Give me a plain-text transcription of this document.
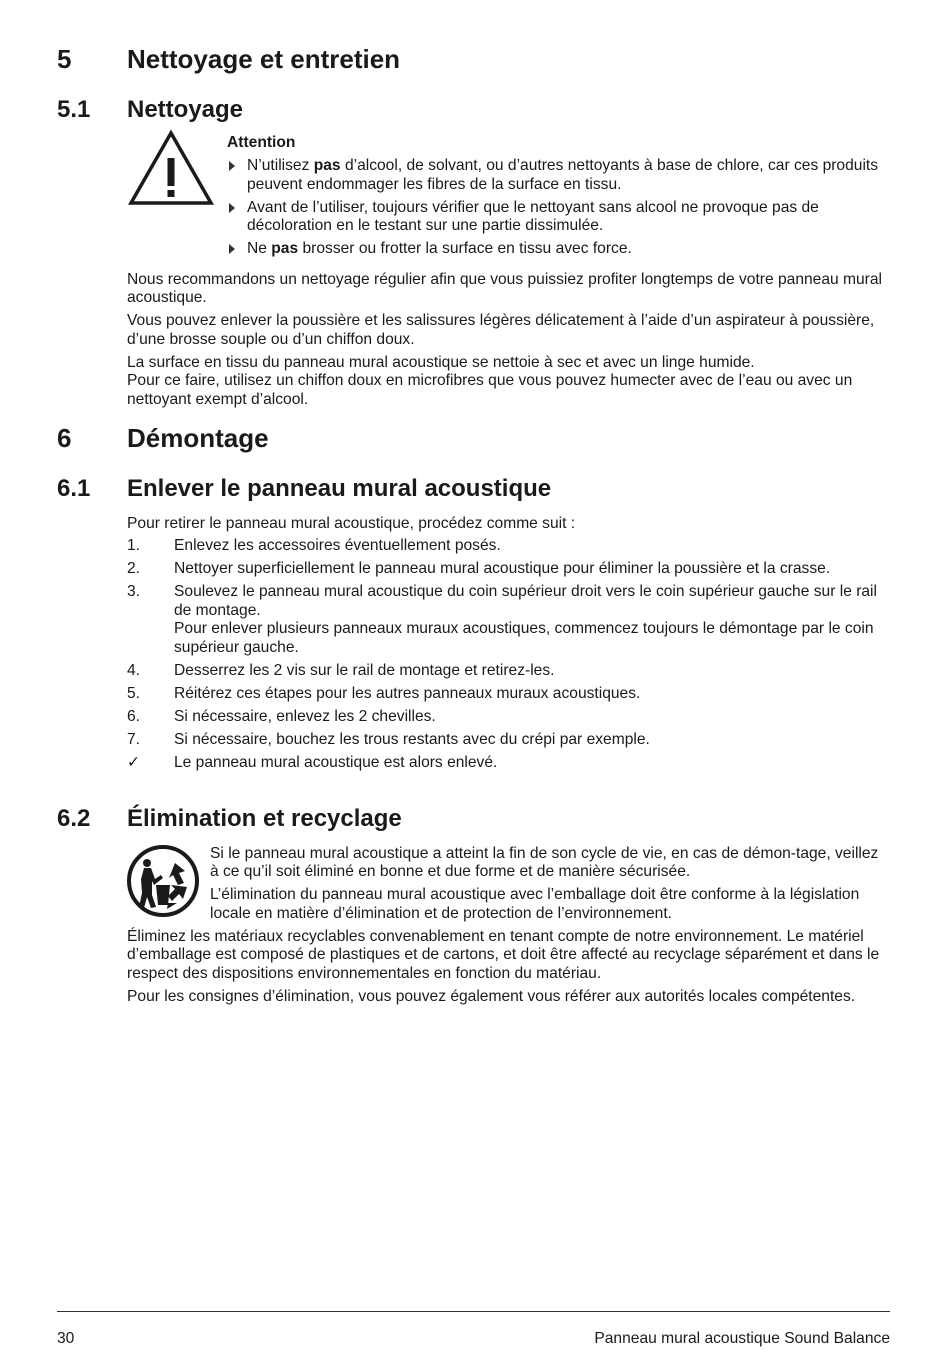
5 Nettoyage et entretien
5.1 Nettoyage
Attention
N’utilisez pas d’alcool, de solvant, ou d’autres nettoyants à base de chlore, car ces produits peuvent endommager les fibres de la surface en tissu.
Avant de l’utiliser, toujours vérifier que le nettoyant sans alcool ne provoque pas de décoloration en le testant sur une partie dissimulée.
Ne pas brosser ou frotter la surface en tissu avec force.

Nous recommandons un nettoyage régulier afin que vous puissiez profiter longtemps de votre panneau mural acoustique.

Vous pouvez enlever la poussière et les salissures légères délicatement à l’aide d’un aspirateur à poussière, d’une brosse souple ou d’un chiffon doux.

La surface en tissu du panneau mural acoustique se nettoie à sec et avec un linge humide.
Pour ce faire, utilisez un chiffon doux en microfibres que vous pouvez humecter avec de l’eau ou avec un nettoyant exempt d’alcool.

6 Démontage
6.1 Enlever le panneau mural acoustique
Pour retirer le panneau mural acoustique, procédez comme suit :
1. Enlevez les accessoires éventuellement posés.
2. Nettoyer superficiellement le panneau mural acoustique pour éliminer la poussière et la crasse.
3. Soulevez le panneau mural acoustique du coin supérieur droit vers le coin supérieur gauche sur le rail de montage.
Pour enlever plusieurs panneaux muraux acoustiques, commencez toujours le démontage par le coin supérieur gauche.
4. Desserrez les 2 vis sur le rail de montage et retirez-les.
5. Réitérez ces étapes pour les autres panneaux muraux acoustiques.
6. Si nécessaire, enlevez les 2 chevilles.
7. Si nécessaire, bouchez les trous restants avec du crépi par exemple.
✓ Le panneau mural acoustique est alors enlevé.
6.2 Élimination et recyclage

Si le panneau mural acoustique a atteint la fin de son cycle de vie, en cas de démon-tage, veillez à ce qu’il soit éliminé en bonne et due forme et de manière sécurisée.

L’élimination du panneau mural acoustique avec l’emballage doit être conforme à la législation locale en matière d’élimination et de protection de l’environnement.

Éliminez les matériaux recyclables convenablement en tenant compte de notre environnement. Le matériel d’emballage est composé de plastiques et de cartons, et doit être affecté au recyclage séparément et dans le respect des dispositions environnementales en fonction du matériau.

Pour les consignes d’élimination, vous pouvez également vous référer aux autorités locales compétentes.

30	Panneau mural acoustique Sound Balance
